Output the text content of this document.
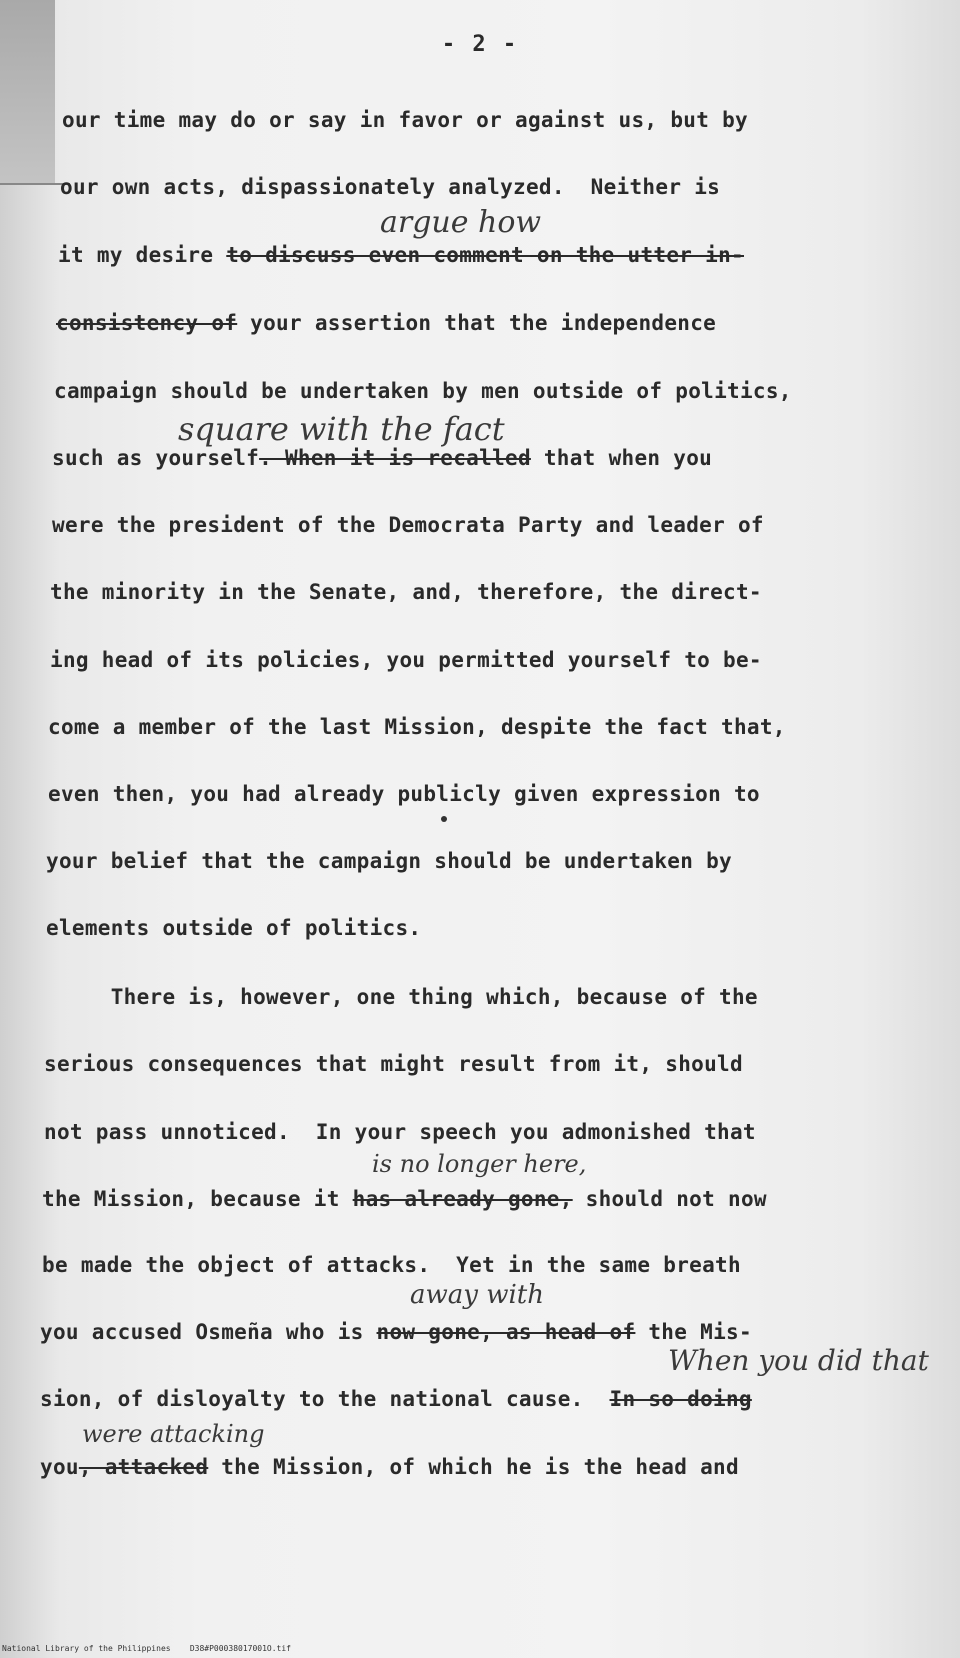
- 2 -
our time may do or say in favor or against us, but by
our own acts, dispassionately analyzed.  Neither is
it my desire to discuss even comment on the utter in-
argue how
consistency of your assertion that the independence
campaign should be undertaken by men outside of politics,
such as yourself. When it is recalled that when you
square with the fact
were the president of the Democrata Party and leader of
the minority in the Senate, and, therefore, the direct-
ing head of its policies, you permitted yourself to be-
come a member of the last Mission, despite the fact that,
even then, you had already publicly given expression to
your belief that the campaign should be undertaken by
elements outside of politics.
There is, however, one thing which, because of the
serious consequences that might result from it, should
not pass unnoticed.  In your speech you admonished that
the Mission, because it has already gone, should not now
is no longer here,
be made the object of attacks.  Yet in the same breath
you accused Osmeña who is now gone, as head of the Mis-
away with
sion, of disloyalty to the national cause.  In so doing
When you did that
you, attacked the Mission, of which he is the head and
were attacking
National Library of the Philippines    D38#P00038017001O.tif
